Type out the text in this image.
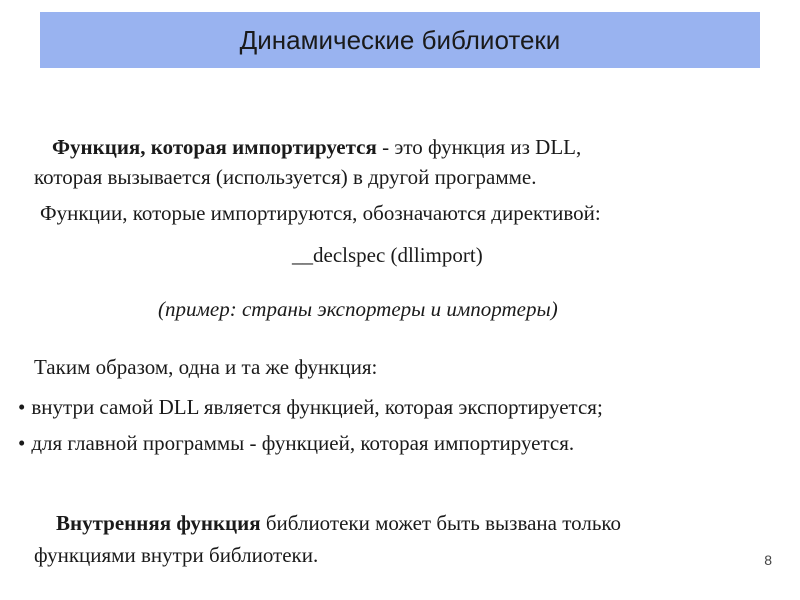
Динамические библиотеки
Функция, которая импортируется - это функция из DLL,
которая вызывается (используется) в другой программе.
Функции, которые импортируются, обозначаются директивой:
__declspec (dllimport)
(пример: страны экспортеры и импортеры)
Таким образом, одна и та же функция:
• внутри самой DLL является функцией, которая экспортируется;
• для главной программы - функцией, которая импортируется.
Внутренняя функция библиотеки может быть вызвана только
функциями внутри библиотеки.	8
